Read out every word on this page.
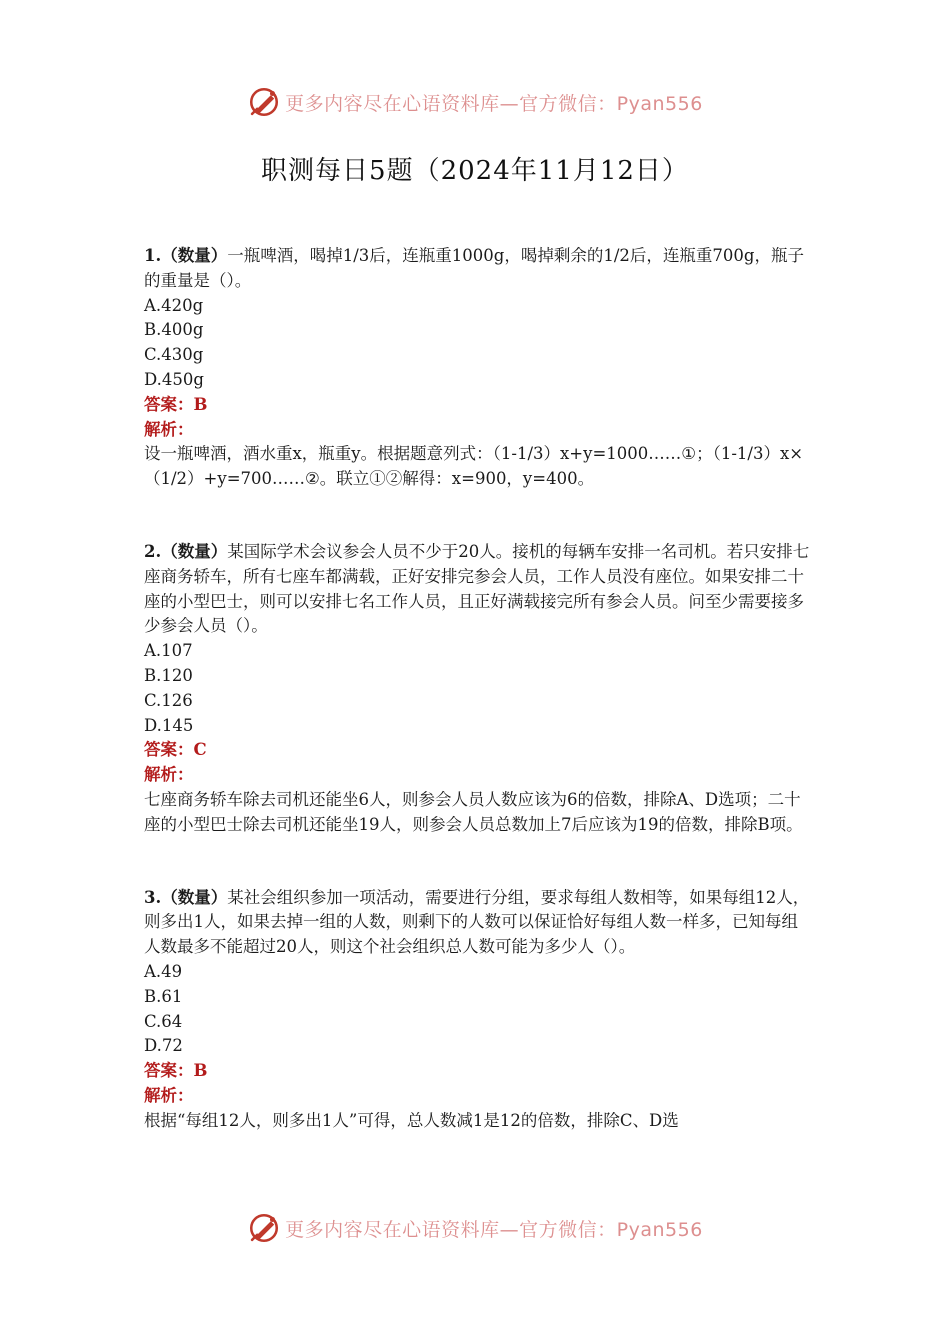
更多内容尽在心语资料库—官方微信：Pyan556
职测每日5题（2024年11月12日）

1.（数量）一瓶啤酒，喝掉1/3后，连瓶重1000g，喝掉剩余的1/2后，连瓶重700g，瓶子的重量是（）。

A.420g

B.400g

C.430g

D.450g

答案：B

解析：

设一瓶啤酒，酒水重x，瓶重y。根据题意列式：（1-1/3）x+y=1000……①；（1-1/3）x×（1/2）+y=700……②。联立①②解得：x=900，y=400。

2.（数量）某国际学术会议参会人员不少于20人。接机的每辆车安排一名司机。若只安排七座商务轿车，所有七座车都满载，正好安排完参会人员，工作人员没有座位。如果安排二十座的小型巴士，则可以安排七名工作人员，且正好满载接完所有参会人员。问至少需要接多少参会人员（）。

A.107

B.120

C.126

D.145

答案：C

解析：

七座商务轿车除去司机还能坐6人，则参会人员人数应该为6的倍数，排除A、D选项；二十座的小型巴士除去司机还能坐19人，则参会人员总数加上7后应该为19的倍数，排除B项。

3.（数量）某社会组织参加一项活动，需要进行分组，要求每组人数相等，如果每组12人，则多出1人，如果去掉一组的人数，则剩下的人数可以保证恰好每组人数一样多，已知每组人数最多不能超过20人，则这个社会组织总人数可能为多少人（）。

A.49

B.61

C.64

D.72

答案：B

解析：

根据“每组12人，则多出1人”可得，总人数减1是12的倍数，排除C、D选

更多内容尽在心语资料库—官方微信：Pyan556
